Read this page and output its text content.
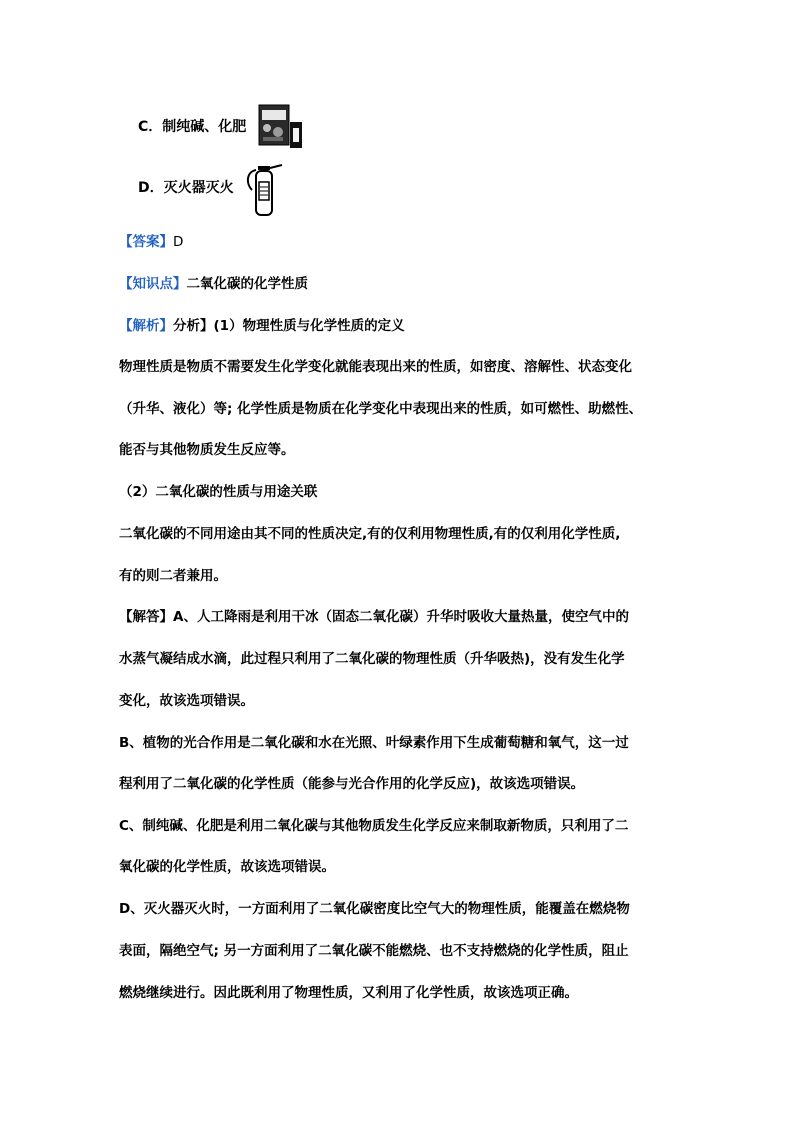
C．制纯碱、化肥
D．灭火器灭火
【答案】D
【知识点】二氧化碳的化学性质
【解析】分析】(1）物理性质与化学性质的定义
物理性质是物质不需要发生化学变化就能表现出来的性质，如密度、溶解性、状态变化
（升华、液化）等; 化学性质是物质在化学变化中表现出来的性质，如可燃性、助燃性、
能否与其他物质发生反应等。
（2）二氧化碳的性质与用途关联
二氧化碳的不同用途由其不同的性质决定,有的仅利用物理性质,有的仅利用化学性质,
有的则二者兼用。
【解答】A、人工降雨是利用干冰（固态二氧化碳）升华时吸收大量热量，使空气中的
水蒸气凝结成水滴，此过程只利用了二氧化碳的物理性质（升华吸热)，没有发生化学
变化，故该选项错误。
B、植物的光合作用是二氧化碳和水在光照、叶绿素作用下生成葡萄糖和氧气，这一过
程利用了二氧化碳的化学性质（能参与光合作用的化学反应)，故该选项错误。
C、制纯碱、化肥是利用二氧化碳与其他物质发生化学反应来制取新物质，只利用了二
氧化碳的化学性质，故该选项错误。
D、灭火器灭火时，一方面利用了二氧化碳密度比空气大的物理性质，能覆盖在燃烧物
表面，隔绝空气; 另一方面利用了二氧化碳不能燃烧、也不支持燃烧的化学性质，阻止
燃烧继续进行。因此既利用了物理性质，又利用了化学性质，故该选项正确。
